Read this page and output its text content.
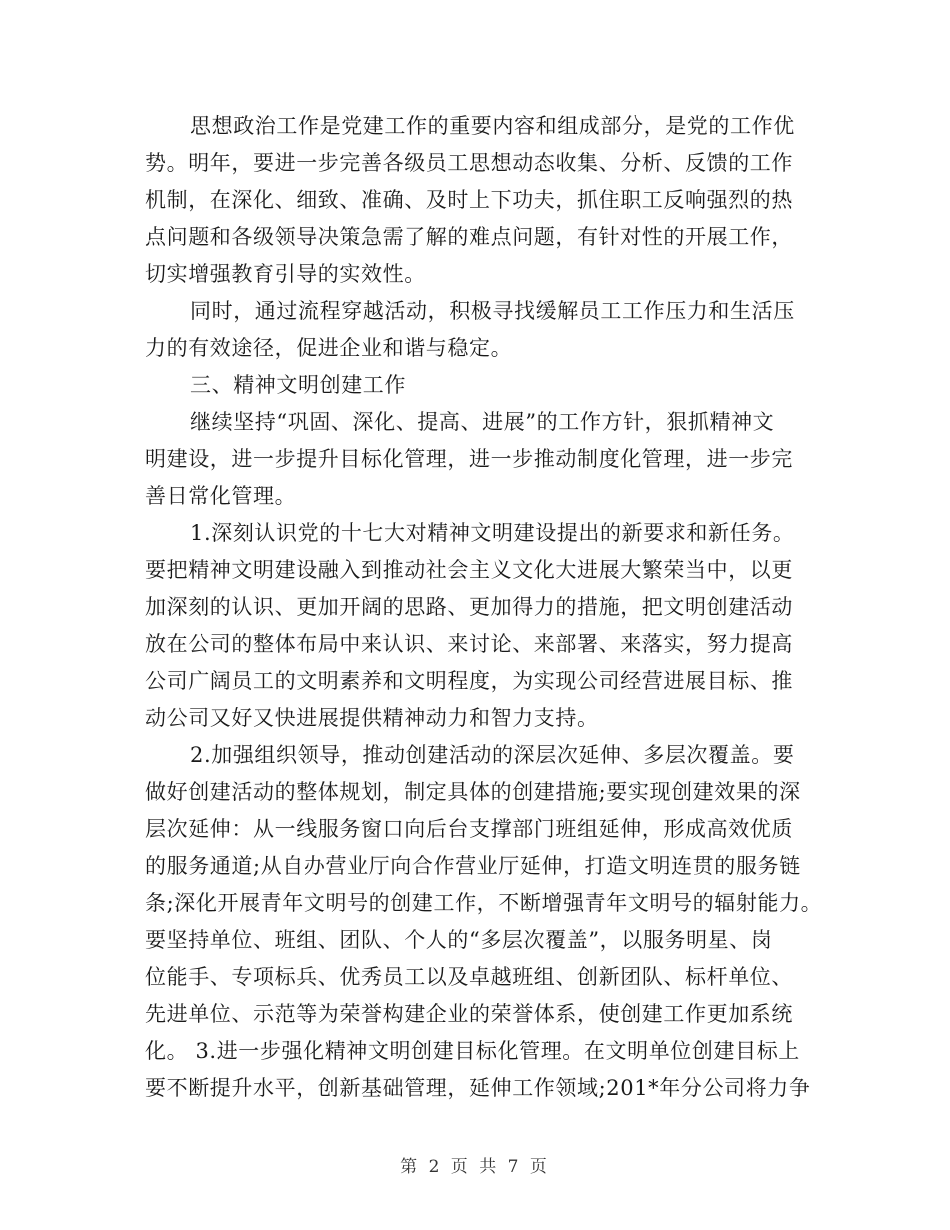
思想政治工作是党建工作的重要内容和组成部分，是党的工作优
势。明年，要进一步完善各级员工思想动态收集、分析、反馈的工作
机制，在深化、细致、准确、及时上下功夫，抓住职工反响强烈的热
点问题和各级领导决策急需了解的难点问题，有针对性的开展工作，
切实增强教育引导的实效性。
同时，通过流程穿越活动，积极寻找缓解员工工作压力和生活压
力的有效途径，促进企业和谐与稳定。
三、精神文明创建工作
继续坚持“巩固、深化、提高、进展”的工作方针，狠抓精神文
明建设，进一步提升目标化管理，进一步推动制度化管理，进一步完
善日常化管理。
1.深刻认识党的十七大对精神文明建设提出的新要求和新任务。
要把精神文明建设融入到推动社会主义文化大进展大繁荣当中，以更
加深刻的认识、更加开阔的思路、更加得力的措施，把文明创建活动
放在公司的整体布局中来认识、来讨论、来部署、来落实，努力提高
公司广阔员工的文明素养和文明程度，为实现公司经营进展目标、推
动公司又好又快进展提供精神动力和智力支持。
2.加强组织领导，推动创建活动的深层次延伸、多层次覆盖。要
做好创建活动的整体规划，制定具体的创建措施;要实现创建效果的深
层次延伸：从一线服务窗口向后台支撑部门班组延伸，形成高效优质
的服务通道;从自办营业厅向合作营业厅延伸，打造文明连贯的服务链
条;深化开展青年文明号的创建工作，不断增强青年文明号的辐射能力。
要坚持单位、班组、团队、个人的“多层次覆盖”，以服务明星、岗
位能手、专项标兵、优秀员工以及卓越班组、创新团队、标杆单位、
先进单位、示范等为荣誉构建企业的荣誉体系，使创建工作更加系统
化。 3.进一步强化精神文明创建目标化管理。在文明单位创建目标上
要不断提升水平，创新基础管理，延伸工作领域;201*年分公司将力争
第 2 页 共 7 页
